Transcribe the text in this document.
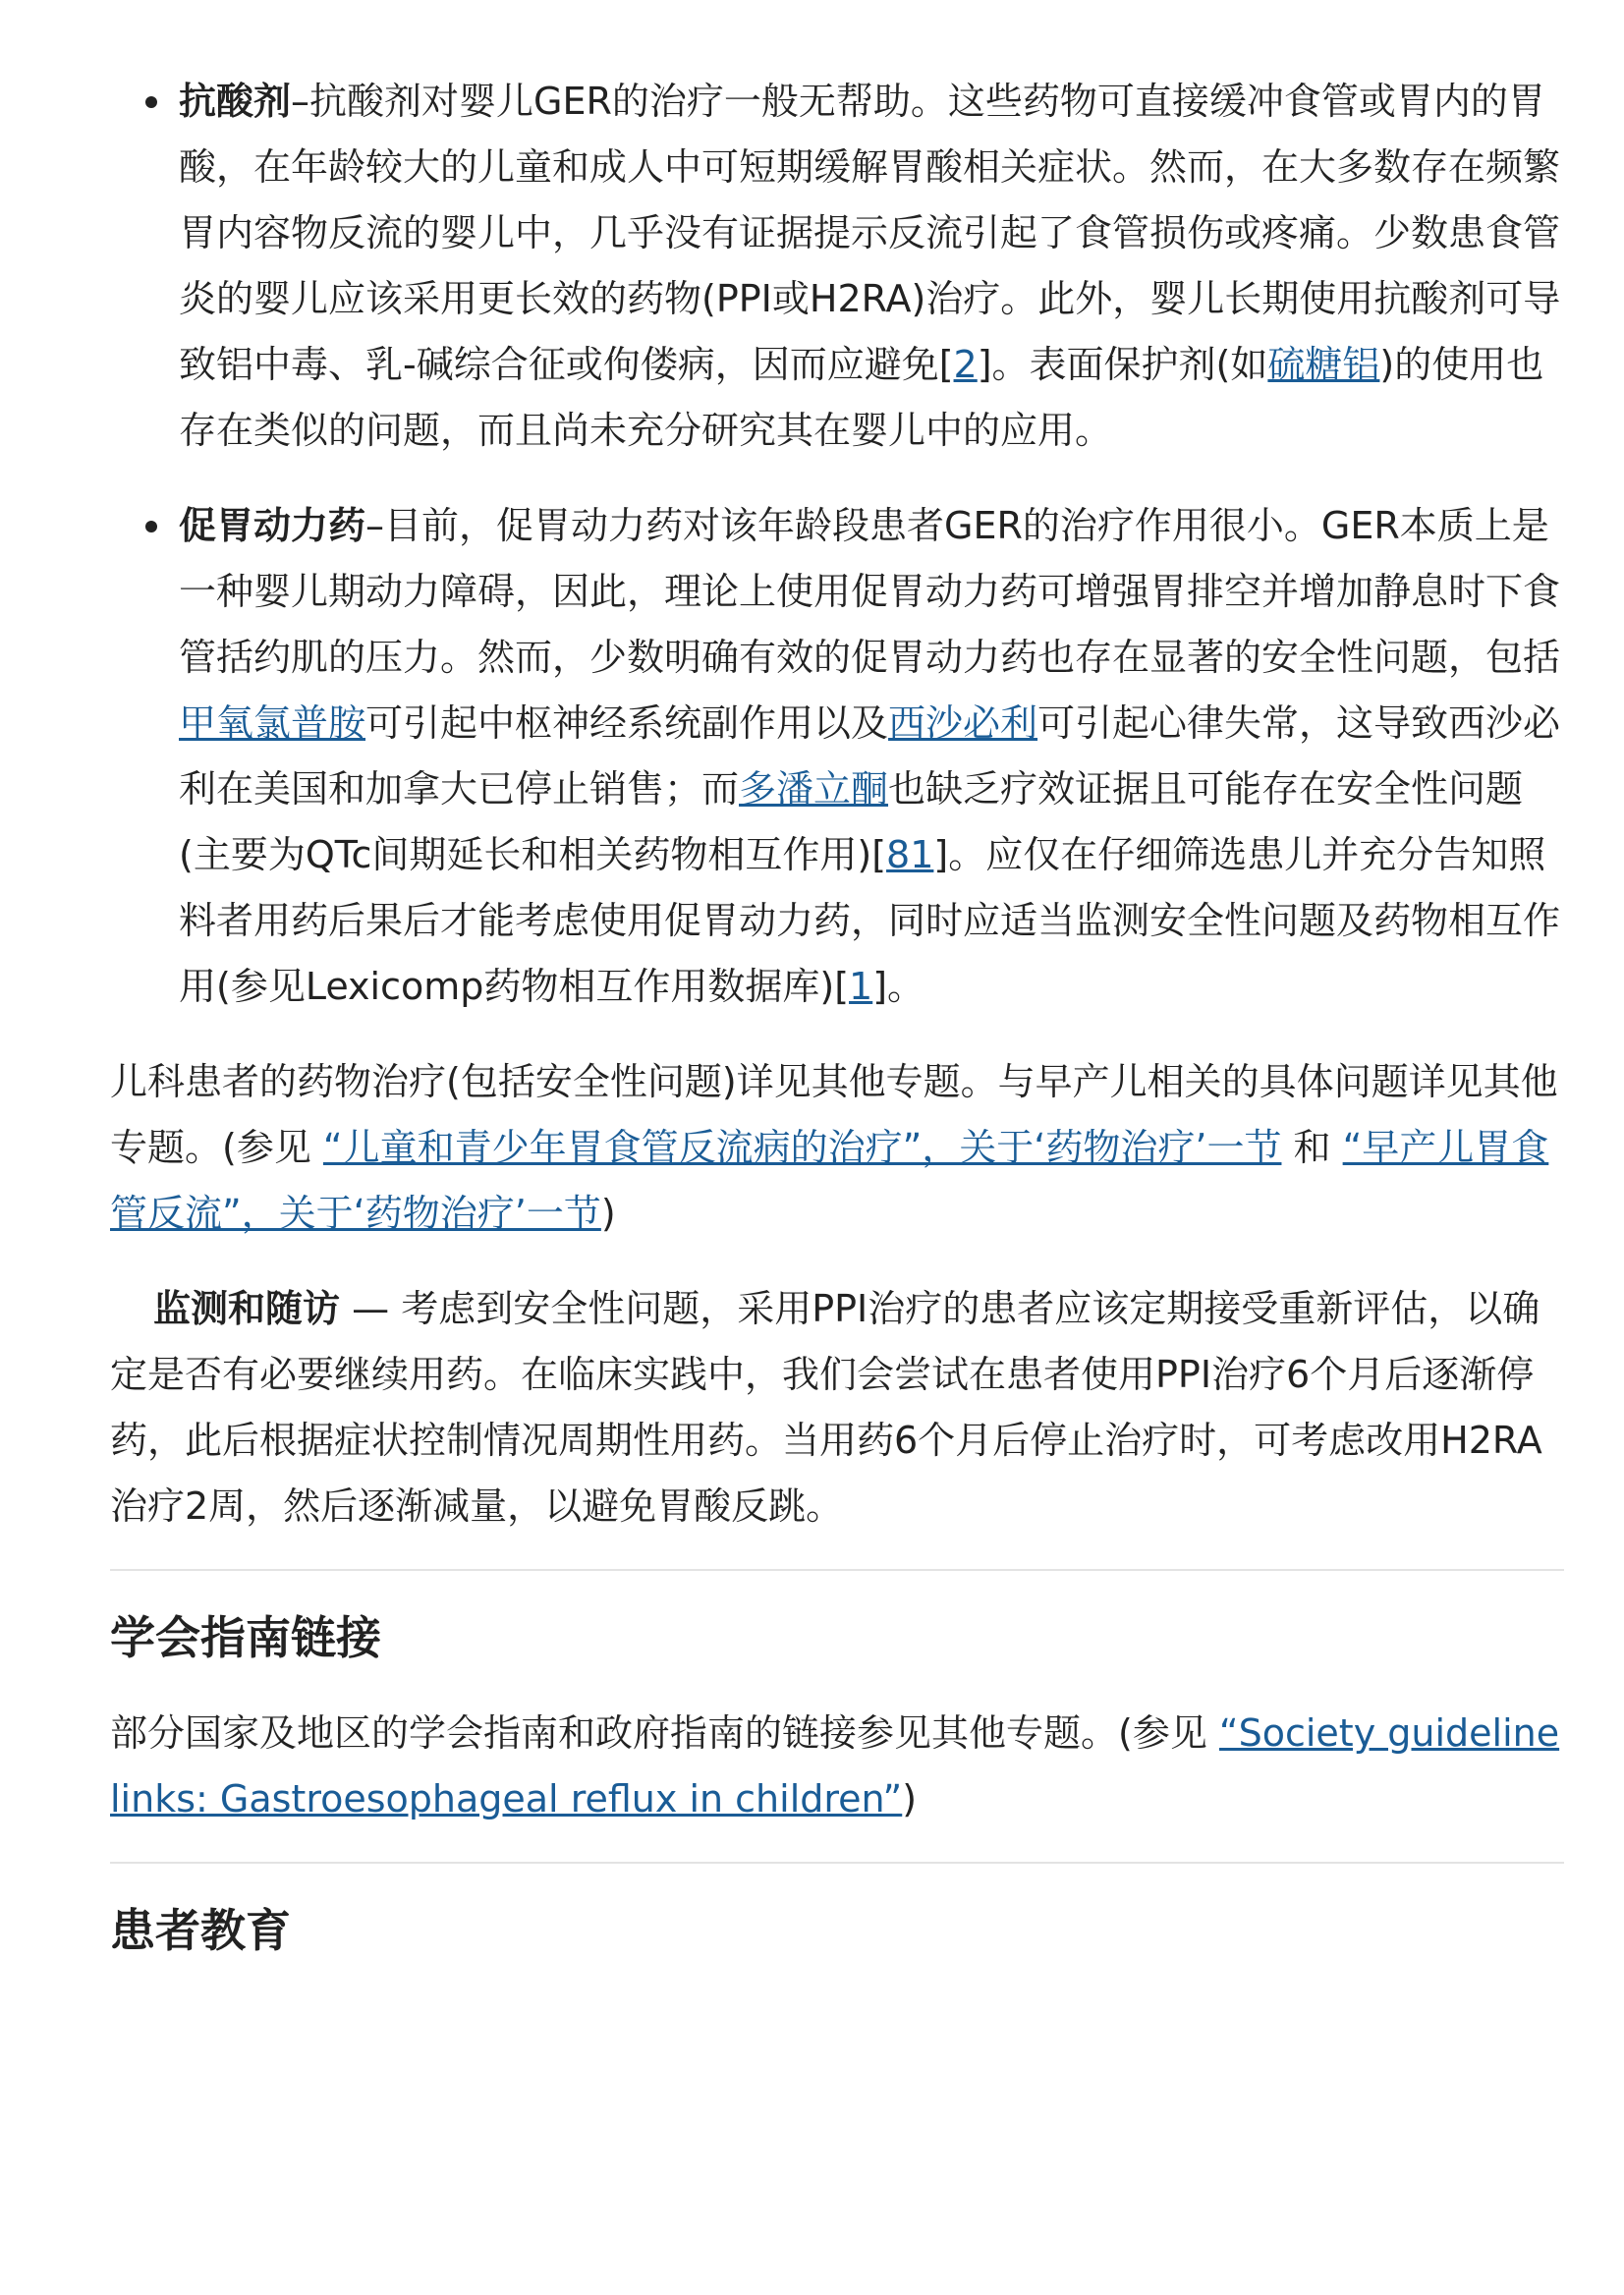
抗酸剂–抗酸剂对婴儿GER的治疗一般无帮助。这些药物可直接缓冲食管或胃内的胃酸，在年龄较大的儿童和成人中可短期缓解胃酸相关症状。然而，在大多数存在频繁胃内容物反流的婴儿中，几乎没有证据提示反流引起了食管损伤或疼痛。少数患食管炎的婴儿应该采用更长效的药物(PPI或H2RA)治疗。此外，婴儿长期使用抗酸剂可导致铝中毒、乳-碱综合征或佝偻病，因而应避免[2]。表面保护剂(如硫糖铝)的使用也存在类似的问题，而且尚未充分研究其在婴儿中的应用。
促胃动力药–目前，促胃动力药对该年龄段患者GER的治疗作用很小。GER本质上是一种婴儿期动力障碍，因此，理论上使用促胃动力药可增强胃排空并增加静息时下食管括约肌的压力。然而，少数明确有效的促胃动力药也存在显著的安全性问题，包括甲氧氯普胺可引起中枢神经系统副作用以及西沙必利可引起心律失常，这导致西沙必利在美国和加拿大已停止销售；而多潘立酮也缺乏疗效证据且可能存在安全性问题(主要为QTc间期延长和相关药物相互作用)[81]。应仅在仔细筛选患儿并充分告知照料者用药后果后才能考虑使用促胃动力药，同时应适当监测安全性问题及药物相互作用(参见Lexicomp药物相互作用数据库)[1]。

儿科患者的药物治疗(包括安全性问题)详见其他专题。与早产儿相关的具体问题详见其他专题。(参见 “儿童和青少年胃食管反流病的治疗”，关于‘药物治疗’一节 和 “早产儿胃食管反流”，关于‘药物治疗’一节)

监测和随访 — 考虑到安全性问题，采用PPI治疗的患者应该定期接受重新评估，以确定是否有必要继续用药。在临床实践中，我们会尝试在患者使用PPI治疗6个月后逐渐停药，此后根据症状控制情况周期性用药。当用药6个月后停止治疗时，可考虑改用H2RA治疗2周，然后逐渐减量，以避免胃酸反跳。

学会指南链接

部分国家及地区的学会指南和政府指南的链接参见其他专题。(参见 “Society guideline links: Gastroesophageal reflux in children”)

患者教育
